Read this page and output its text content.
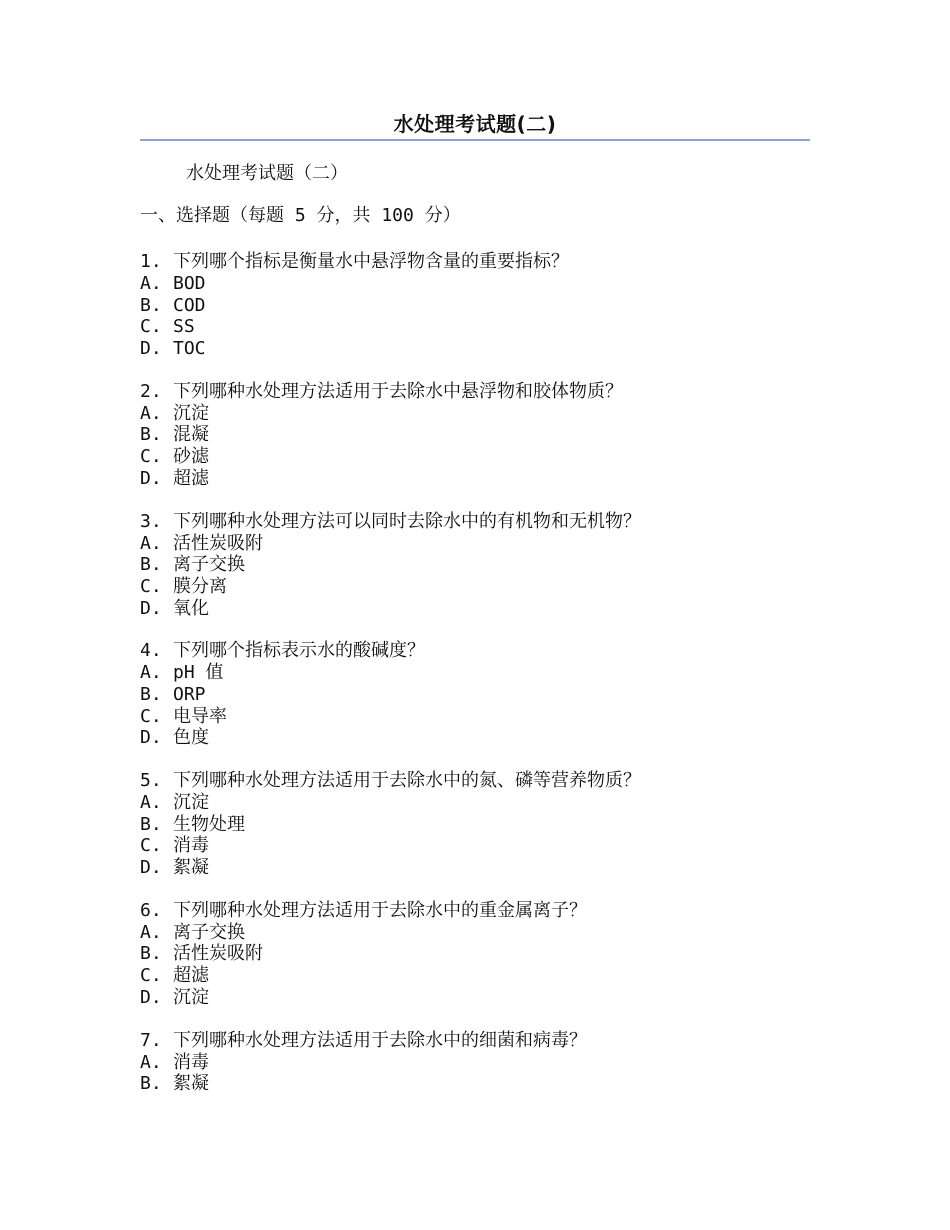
水处理考试题(二)
水处理考试题（二）
一、选择题（每题 5 分，共 100 分）
1. 下列哪个指标是衡量水中悬浮物含量的重要指标？
A. BOD
B. COD
C. SS
D. TOC
2. 下列哪种水处理方法适用于去除水中悬浮物和胶体物质？
A. 沉淀
B. 混凝
C. 砂滤
D. 超滤
3. 下列哪种水处理方法可以同时去除水中的有机物和无机物？
A. 活性炭吸附
B. 离子交换
C. 膜分离
D. 氧化
4. 下列哪个指标表示水的酸碱度？
A. pH 值
B. ORP
C. 电导率
D. 色度
5. 下列哪种水处理方法适用于去除水中的氮、磷等营养物质？
A. 沉淀
B. 生物处理
C. 消毒
D. 絮凝
6. 下列哪种水处理方法适用于去除水中的重金属离子？
A. 离子交换
B. 活性炭吸附
C. 超滤
D. 沉淀
7. 下列哪种水处理方法适用于去除水中的细菌和病毒？
A. 消毒
B. 絮凝
